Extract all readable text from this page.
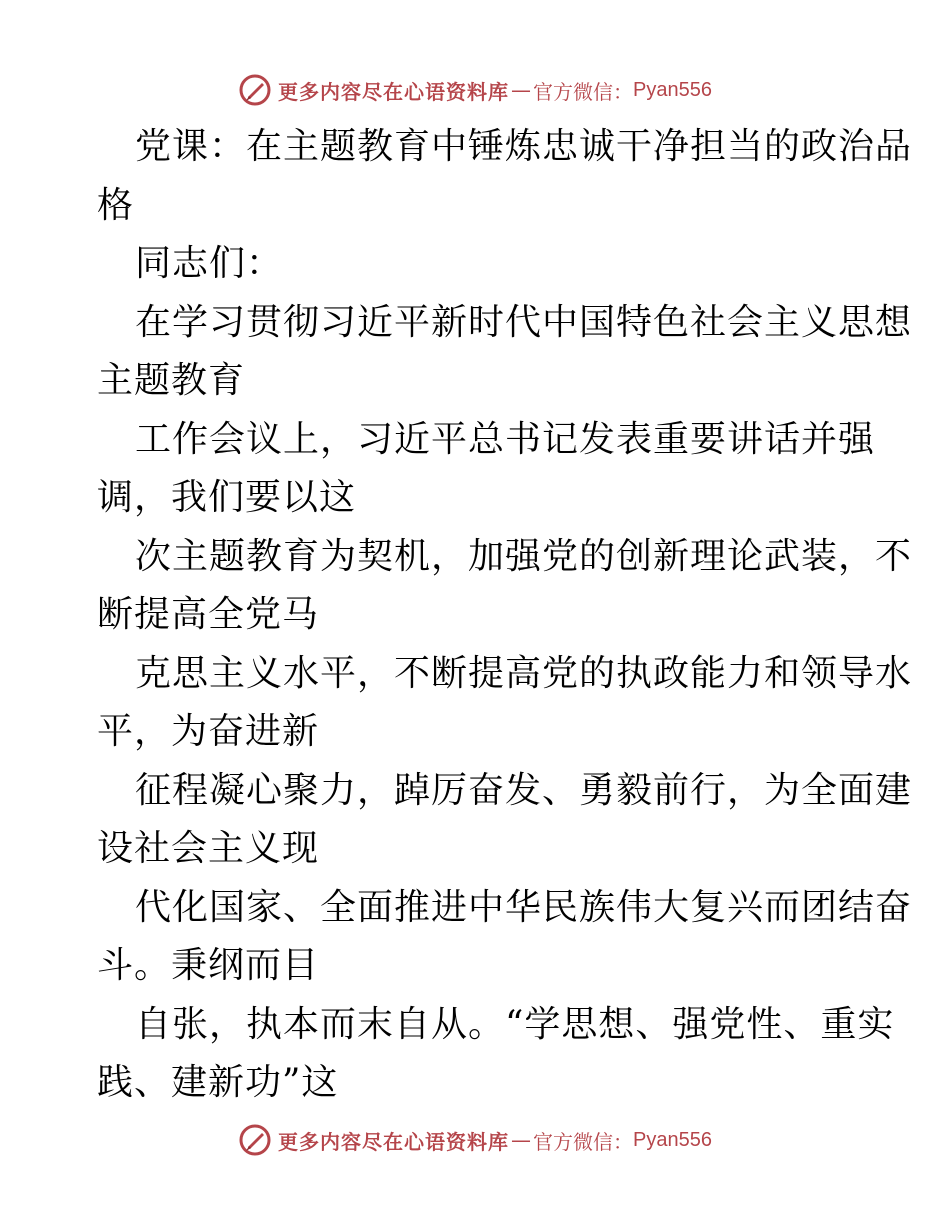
更多内容尽在心语资料库 — 官方微信： Pyan556
党课：在主题教育中锤炼忠诚干净担当的政治品
格
同志们：
在学习贯彻习近平新时代中国特色社会主义思想
主题教育
工作会议上，习近平总书记发表重要讲话并强
调，我们要以这
次主题教育为契机，加强党的创新理论武装，不
断提高全党马
克思主义水平，不断提高党的执政能力和领导水
平，为奋进新
征程凝心聚力，踔厉奋发、勇毅前行，为全面建
设社会主义现
代化国家、全面推进中华民族伟大复兴而团结奋
斗。秉纲而目
自张，执本而末自从。“学思想、强党性、重实
践、建新功”这
更多内容尽在心语资料库 — 官方微信： Pyan556
